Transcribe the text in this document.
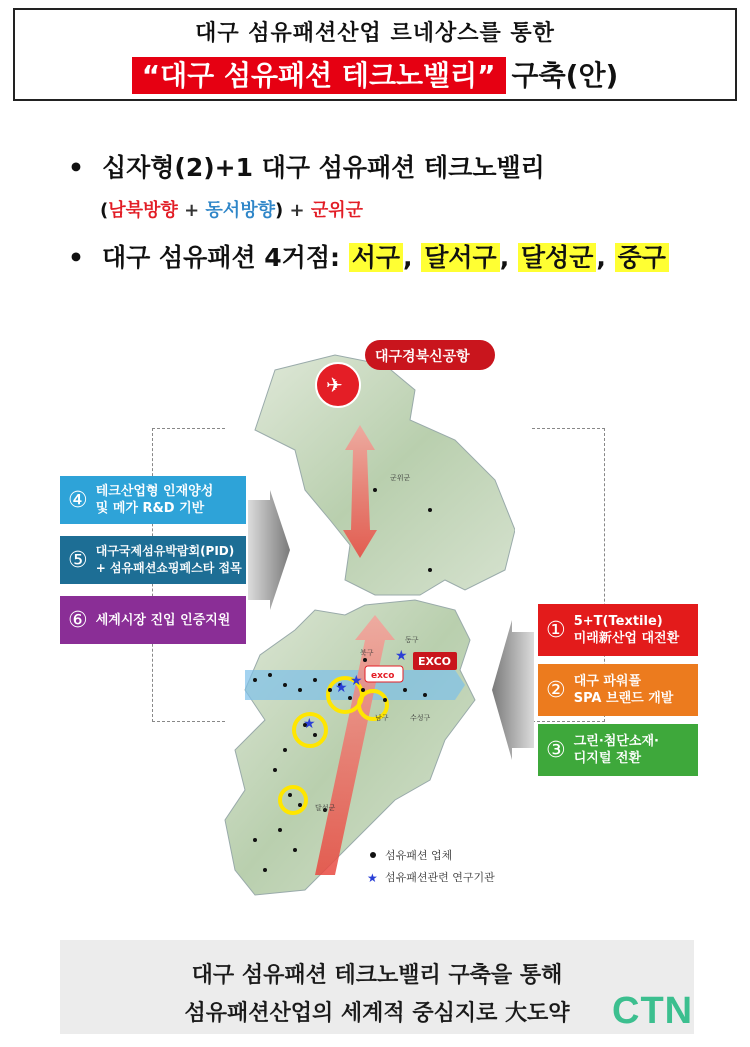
대구 섬유패션산업 르네상스를 통한
“대구 섬유패션 테크노밸리” 구축(안)
• 십자형(2)+1 대구 섬유패션 테크노밸리
(남북방향 + 동서방향) + 군위군
• 대구 섬유패션 4거점: 서구 , 달서구 , 달성군 , 중구
④ 테크산업형 인재양성
및 메가 R&D 기반
⑤ 대구국제섬유박람회(PID)
+ 섬유패션쇼핑페스타 접목
⑥ 세계시장 진입 인증지원	① 5+T(Textile)
미래新산업 대전환
② 대구 파워풀
SPA 브랜드 개발
③ 그린·첨단소재·
디지털 전환
★
★
★
★
✈
대구경북신공항
exco
EXCO
군위군
동구
북구
수성구
남구
달성군
섬유패션 업체
★ 섬유패션관련 연구기관
대구 섬유패션 테크노밸리 구축을 통해
섬유패션산업의 세계적 중심지로 大도약	CTN
